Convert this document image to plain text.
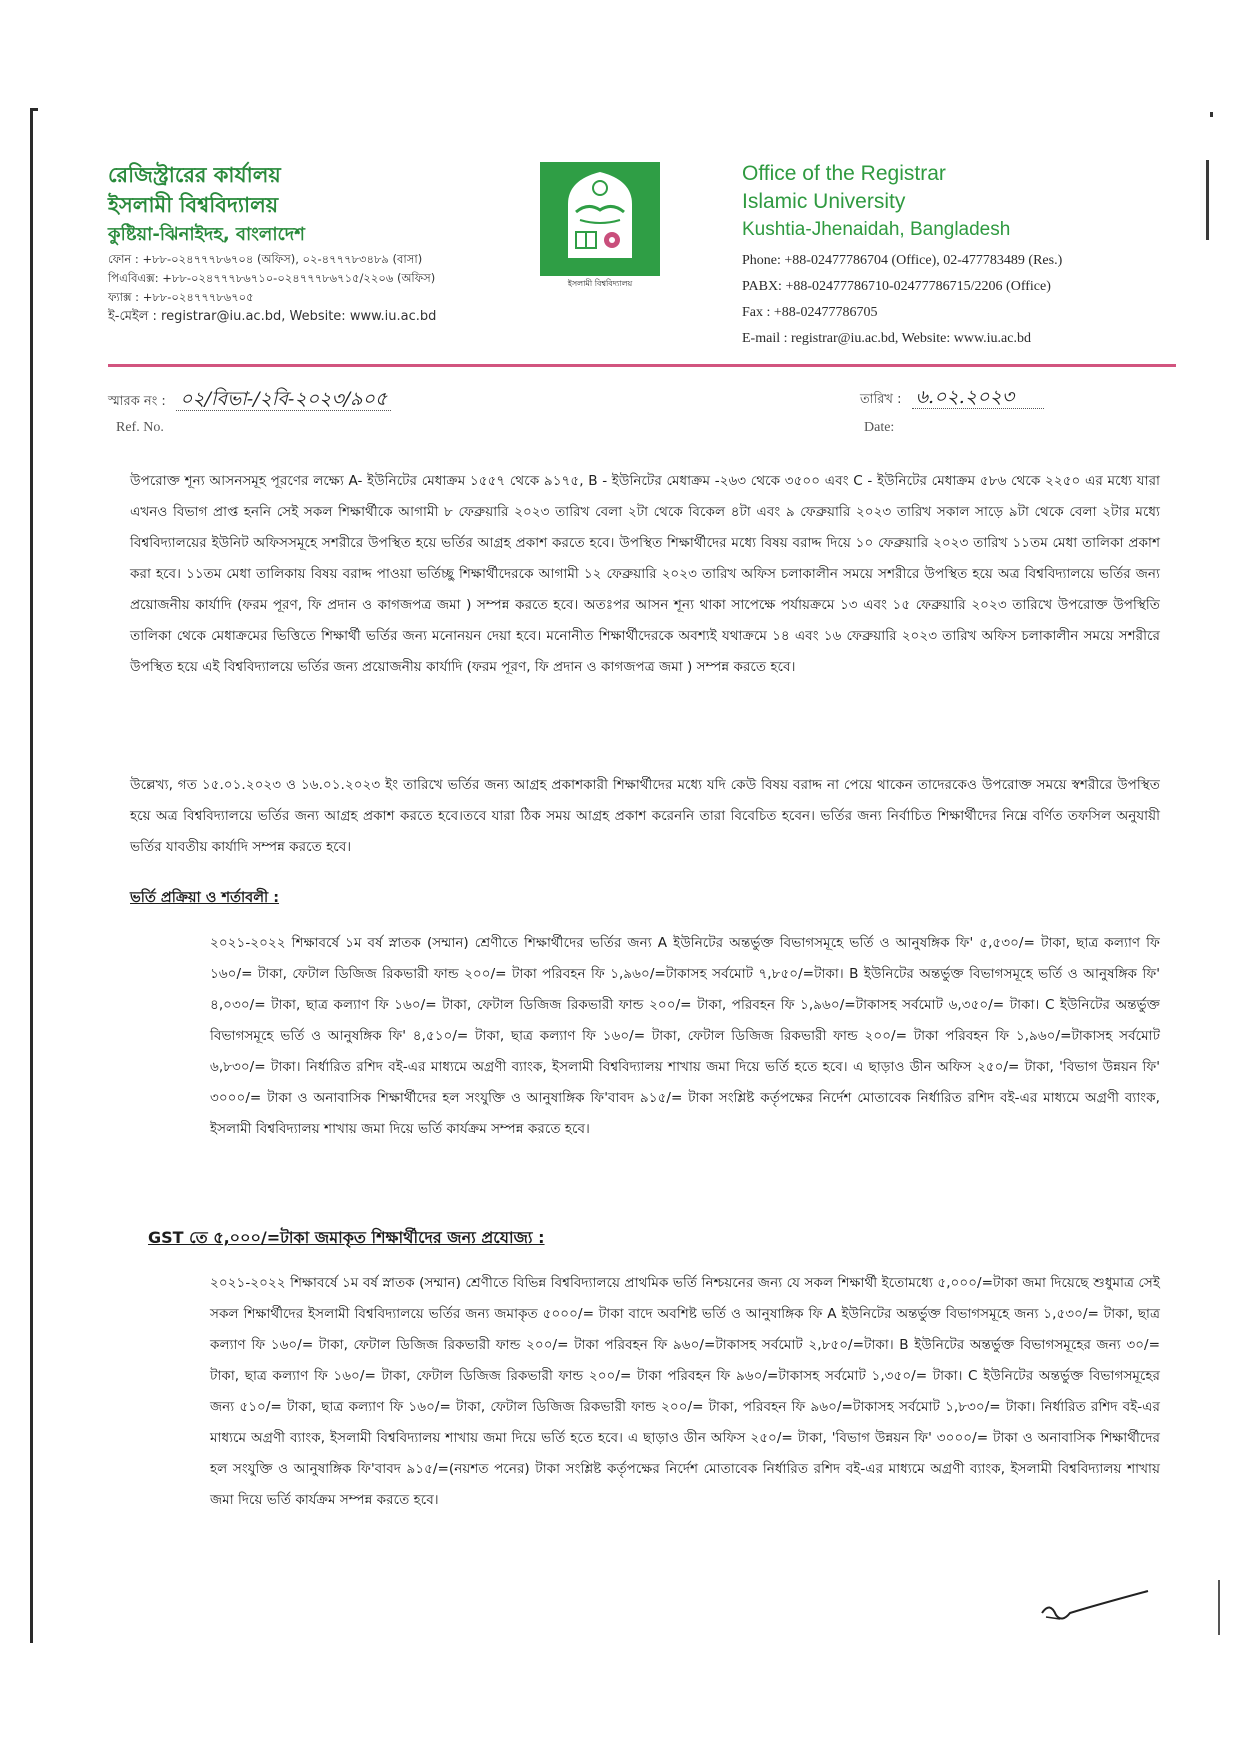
রেজিস্ট্রারের কার্যালয়
ইসলামী বিশ্ববিদ্যালয়
কুষ্টিয়া-ঝিনাইদহ, বাংলাদেশ
ফোন : +৮৮-০২৪৭৭৭৮৬৭০৪ (অফিস), ০২-৪৭৭৭৮৩৪৮৯ (বাসা)
পিএবিএক্স: +৮৮-০২৪৭৭৭৮৬৭১০-০২৪৭৭৭৮৬৭১৫/২২০৬ (অফিস)
ফ্যাক্স : +৮৮-০২৪৭৭৭৮৬৭০৫
ই-মেইল : registrar@iu.ac.bd, Website: www.iu.ac.bd
ইসলামী বিশ্ববিদ্যালয়
Office of the Registrar
Islamic University
Kushtia-Jhenaidah, Bangladesh
Phone: +88-02477786704 (Office), 02-477783489 (Res.)
PABX: +88-02477786710-02477786715/2206 (Office)
Fax : +88-02477786705
E-mail : registrar@iu.ac.bd, Website: www.iu.ac.bd
স্মারক নং : ০২/বিভা-/২বি-২০২৩/৯০৫
Ref. No.
তারিখ : ৬.০২.২০২৩
Date:
উপরোক্ত শূন্য আসনসমূহ পূরণের লক্ষ্যে A- ইউনিটের মেধাক্রম ১৫৫৭ থেকে ৯১৭৫, B - ইউনিটের মেধাক্রম -২৬৩ থেকে ৩৫০০ এবং C - ইউনিটের মেধাক্রম ৫৮৬ থেকে ২২৫০ এর মধ্যে যারা এখনও বিভাগ প্রাপ্ত হননি সেই সকল শিক্ষার্থীকে আগামী ৮ ফেব্রুয়ারি ২০২৩ তারিখ বেলা ২টা থেকে বিকেল ৪টা এবং ৯ ফেব্রুয়ারি ২০২৩ তারিখ সকাল সাড়ে ৯টা থেকে বেলা ২টার মধ্যে বিশ্ববিদ্যালয়ের ইউনিট অফিসসমূহে সশরীরে উপস্থিত হয়ে ভর্তির আগ্রহ প্রকাশ করতে হবে। উপস্থিত শিক্ষার্থীদের মধ্যে বিষয় বরাদ্দ দিয়ে ১০ ফেব্রুয়ারি ২০২৩ তারিখ ১১তম মেধা তালিকা প্রকাশ করা হবে। ১১তম মেধা তালিকায় বিষয় বরাদ্দ পাওয়া ভর্তিচ্ছু শিক্ষার্থীদেরকে আগামী ১২ ফেব্রুয়ারি ২০২৩ তারিখ অফিস চলাকালীন সময়ে সশরীরে উপস্থিত হয়ে অত্র বিশ্ববিদ্যালয়ে ভর্তির জন্য প্রয়োজনীয় কার্যাদি (ফরম পূরণ, ফি প্রদান ও কাগজপত্র জমা ) সম্পন্ন করতে হবে। অতঃপর আসন শূন্য থাকা সাপেক্ষে পর্যায়ক্রমে ১৩ এবং ১৫ ফেব্রুয়ারি ২০২৩ তারিখে উপরোক্ত উপস্থিতি তালিকা থেকে মেধাক্রমের ভিত্তিতে শিক্ষার্থী ভর্তির জন্য মনোনয়ন দেয়া হবে। মনোনীত শিক্ষার্থীদেরকে অবশ্যই যথাক্রমে ১৪ এবং ১৬ ফেব্রুয়ারি ২০২৩ তারিখ অফিস চলাকালীন সময়ে সশরীরে উপস্থিত হয়ে এই বিশ্ববিদ্যালয়ে ভর্তির জন্য প্রয়োজনীয় কার্যাদি (ফরম পূরণ, ফি প্রদান ও কাগজপত্র জমা ) সম্পন্ন করতে হবে।
উল্লেখ্য, গত ১৫.০১.২০২৩ ও ১৬.০১.২০২৩ ইং তারিখে ভর্তির জন্য আগ্রহ প্রকাশকারী শিক্ষার্থীদের মধ্যে যদি কেউ বিষয় বরাদ্দ না পেয়ে থাকেন তাদেরকেও উপরোক্ত সময়ে স্বশরীরে উপস্থিত হয়ে অত্র বিশ্ববিদ্যালয়ে ভর্তির জন্য আগ্রহ প্রকাশ করতে হবে।তবে যারা ঠিক সময় আগ্রহ প্রকাশ করেননি তারা বিবেচিত হবেন। ভর্তির জন্য নির্বাচিত শিক্ষার্থীদের নিম্নে বর্ণিত তফসিল অনুযায়ী ভর্তির যাবতীয় কার্যাদি সম্পন্ন করতে হবে।
ভর্তি প্রক্রিয়া ও শর্তাবলী :
২০২১-২০২২ শিক্ষাবর্ষে ১ম বর্ষ স্নাতক (সম্মান) শ্রেণীতে শিক্ষার্থীদের ভর্তির জন্য A ইউনিটের অন্তর্ভুক্ত বিভাগসমূহে ভর্তি ও আনুষঙ্গিক ফি' ৫,৫৩০/= টাকা, ছাত্র কল্যাণ ফি ১৬০/= টাকা, ফেটাল ডিজিজ রিকভারী ফান্ড ২০০/= টাকা পরিবহন ফি ১,৯৬০/=টাকাসহ সর্বমোট ৭,৮৫০/=টাকা। B ইউনিটের অন্তর্ভুক্ত বিভাগসমূহে ভর্তি ও আনুষঙ্গিক ফি' ৪,০৩০/= টাকা, ছাত্র কল্যাণ ফি ১৬০/= টাকা, ফেটাল ডিজিজ রিকভারী ফান্ড ২০০/= টাকা, পরিবহন ফি ১,৯৬০/=টাকাসহ সর্বমোট ৬,৩৫০/= টাকা। C ইউনিটের অন্তর্ভুক্ত বিভাগসমূহে ভর্তি ও আনুষঙ্গিক ফি' ৪,৫১০/= টাকা, ছাত্র কল্যাণ ফি ১৬০/= টাকা, ফেটাল ডিজিজ রিকভারী ফান্ড ২০০/= টাকা পরিবহন ফি ১,৯৬০/=টাকাসহ সর্বমোট ৬,৮৩০/= টাকা। নির্ধারিত রশিদ বই-এর মাধ্যমে অগ্রণী ব্যাংক, ইসলামী বিশ্ববিদ্যালয় শাখায় জমা দিয়ে ভর্তি হতে হবে। এ ছাড়াও ডীন অফিস ২৫০/= টাকা, 'বিভাগ উন্নয়ন ফি' ৩০০০/= টাকা ও অনাবাসিক শিক্ষার্থীদের হল সংযুক্তি ও আনুষাঙ্গিক ফি'বাবদ ৯১৫/= টাকা সংশ্লিষ্ট কর্তৃপক্ষের নির্দেশ মোতাবেক নির্ধারিত রশিদ বই-এর মাধ্যমে অগ্রণী ব্যাংক, ইসলামী বিশ্ববিদ্যালয় শাখায় জমা দিয়ে ভর্তি কার্যক্রম সম্পন্ন করতে হবে।
GST তে ৫,০০০/=টাকা জমাকৃত শিক্ষার্থীদের জন্য প্রযোজ্য :
২০২১-২০২২ শিক্ষাবর্ষে ১ম বর্ষ স্নাতক (সম্মান) শ্রেণীতে বিভিন্ন বিশ্ববিদ্যালয়ে প্রাথমিক ভর্তি নিশ্চয়নের জন্য যে সকল শিক্ষার্থী ইতোমধ্যে ৫,০০০/=টাকা জমা দিয়েছে শুধুমাত্র সেই সকল শিক্ষার্থীদের ইসলামী বিশ্ববিদ্যালয়ে ভর্তির জন্য জমাকৃত ৫০০০/= টাকা বাদে অবশিষ্ট ভর্তি ও আনুষাঙ্গিক ফি A ইউনিটের অন্তর্ভুক্ত বিভাগসমূহে জন্য ১,৫৩০/= টাকা, ছাত্র কল্যাণ ফি ১৬০/= টাকা, ফেটাল ডিজিজ রিকভারী ফান্ড ২০০/= টাকা পরিবহন ফি ৯৬০/=টাকাসহ সর্বমোট ২,৮৫০/=টাকা। B ইউনিটের অন্তর্ভুক্ত বিভাগসমূহের জন্য ৩০/= টাকা, ছাত্র কল্যাণ ফি ১৬০/= টাকা, ফেটাল ডিজিজ রিকভারী ফান্ড ২০০/= টাকা পরিবহন ফি ৯৬০/=টাকাসহ সর্বমোট ১,৩৫০/= টাকা। C ইউনিটের অন্তর্ভুক্ত বিভাগসমূহের জন্য ৫১০/= টাকা, ছাত্র কল্যাণ ফি ১৬০/= টাকা, ফেটাল ডিজিজ রিকভারী ফান্ড ২০০/= টাকা, পরিবহন ফি ৯৬০/=টাকাসহ সর্বমোট ১,৮৩০/= টাকা। নির্ধারিত রশিদ বই-এর মাধ্যমে অগ্রণী ব্যাংক, ইসলামী বিশ্ববিদ্যালয় শাখায় জমা দিয়ে ভর্তি হতে হবে। এ ছাড়াও ডীন অফিস ২৫০/= টাকা, 'বিভাগ উন্নয়ন ফি' ৩০০০/= টাকা ও অনাবাসিক শিক্ষার্থীদের হল সংযুক্তি ও আনুষাঙ্গিক ফি'বাবদ ৯১৫/=(নয়শত পনের) টাকা সংশ্লিষ্ট কর্তৃপক্ষের নির্দেশ মোতাবেক নির্ধারিত রশিদ বই-এর মাধ্যমে অগ্রণী ব্যাংক, ইসলামী বিশ্ববিদ্যালয় শাখায় জমা দিয়ে ভর্তি কার্যক্রম সম্পন্ন করতে হবে।
